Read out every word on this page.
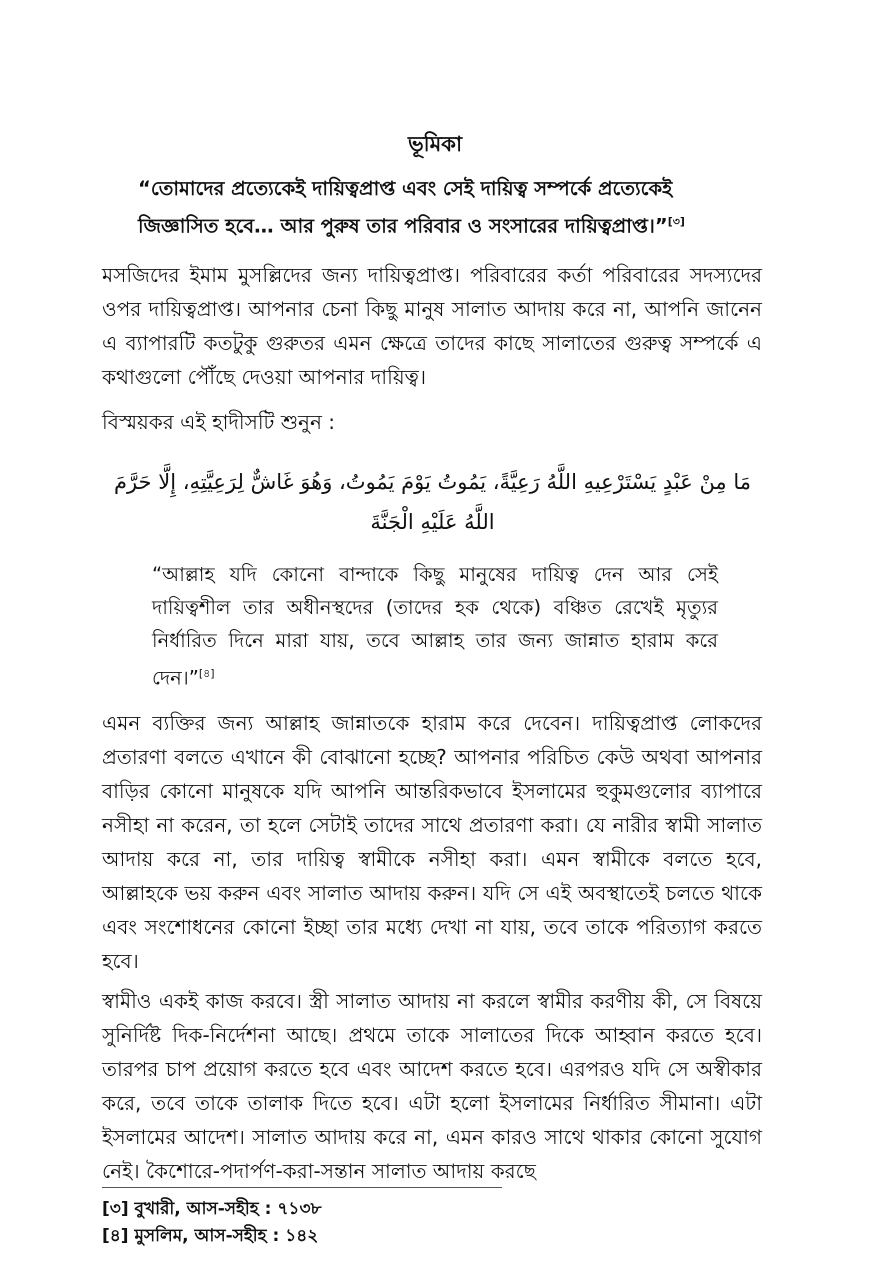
ভূমিকা
“তোমাদের প্রত্যেকেই দায়িত্বপ্রাপ্ত এবং সেই দায়িত্ব সম্পর্কে প্রত্যেকেই জিজ্ঞাসিত হবে… আর পুরুষ তার পরিবার ও সংসারের দায়িত্বপ্রাপ্ত।”[৩]

মসজিদের ইমাম মুসল্লিদের জন্য দায়িত্বপ্রাপ্ত। পরিবারের কর্তা পরিবারের সদস্যদের ওপর দায়িত্বপ্রাপ্ত। আপনার চেনা কিছু মানুষ সালাত আদায় করে না, আপনি জানেন এ ব্যাপারটি কতটুকু গুরুতর এমন ক্ষেত্রে তাদের কাছে সালাতের গুরুত্ব সম্পর্কে এ কথাগুলো পৌঁছে দেওয়া আপনার দায়িত্ব।

বিস্ময়কর এই হাদীসটি শুনুন :
مَا مِنْ عَبْدٍ يَسْتَرْعِيهِ اللَّهُ رَعِيَّةً، يَمُوتُ يَوْمَ يَمُوتُ، وَهُوَ غَاشٌّ لِرَعِيَّتِهِ، إِلَّا حَرَّمَ اللَّهُ عَلَيْهِ الْجَنَّةَ
“আল্লাহ যদি কোনো বান্দাকে কিছু মানুষের দায়িত্ব দেন আর সেই দায়িত্বশীল তার অধীনস্থদের (তাদের হক থেকে) বঞ্চিত রেখেই মৃত্যুর নির্ধারিত দিনে মারা যায়, তবে আল্লাহ তার জন্য জান্নাত হারাম করে দেন।”[৪]

এমন ব্যক্তির জন্য আল্লাহ জান্নাতকে হারাম করে দেবেন। দায়িত্বপ্রাপ্ত লোকদের প্রতারণা বলতে এখানে কী বোঝানো হচ্ছে? আপনার পরিচিত কেউ অথবা আপনার বাড়ির কোনো মানুষকে যদি আপনি আন্তরিকভাবে ইসলামের হুকুমগুলোর ব্যাপারে নসীহা না করেন, তা হলে সেটাই তাদের সাথে প্রতারণা করা। যে নারীর স্বামী সালাত আদায় করে না, তার দায়িত্ব স্বামীকে নসীহা করা। এমন স্বামীকে বলতে হবে, আল্লাহকে ভয় করুন এবং সালাত আদায় করুন। যদি সে এই অবস্থাতেই চলতে থাকে এবং সংশোধনের কোনো ইচ্ছা তার মধ্যে দেখা না যায়, তবে তাকে পরিত্যাগ করতে হবে।

স্বামীও একই কাজ করবে। স্ত্রী সালাত আদায় না করলে স্বামীর করণীয় কী, সে বিষয়ে সুনির্দিষ্ট দিক-নির্দেশনা আছে। প্রথমে তাকে সালাতের দিকে আহ্বান করতে হবে। তারপর চাপ প্রয়োগ করতে হবে এবং আদেশ করতে হবে। এরপরও যদি সে অস্বীকার করে, তবে তাকে তালাক দিতে হবে। এটা হলো ইসলামের নির্ধারিত সীমানা। এটা ইসলামের আদেশ। সালাত আদায় করে না, এমন কারও সাথে থাকার কোনো সুযোগ নেই। কৈশোরে-পদার্পণ-করা-সন্তান সালাত আদায় করছে

[৩] বুখারী, আস-সহীহ : ৭১৩৮
[৪] মুসলিম, আস-সহীহ : ১৪২
